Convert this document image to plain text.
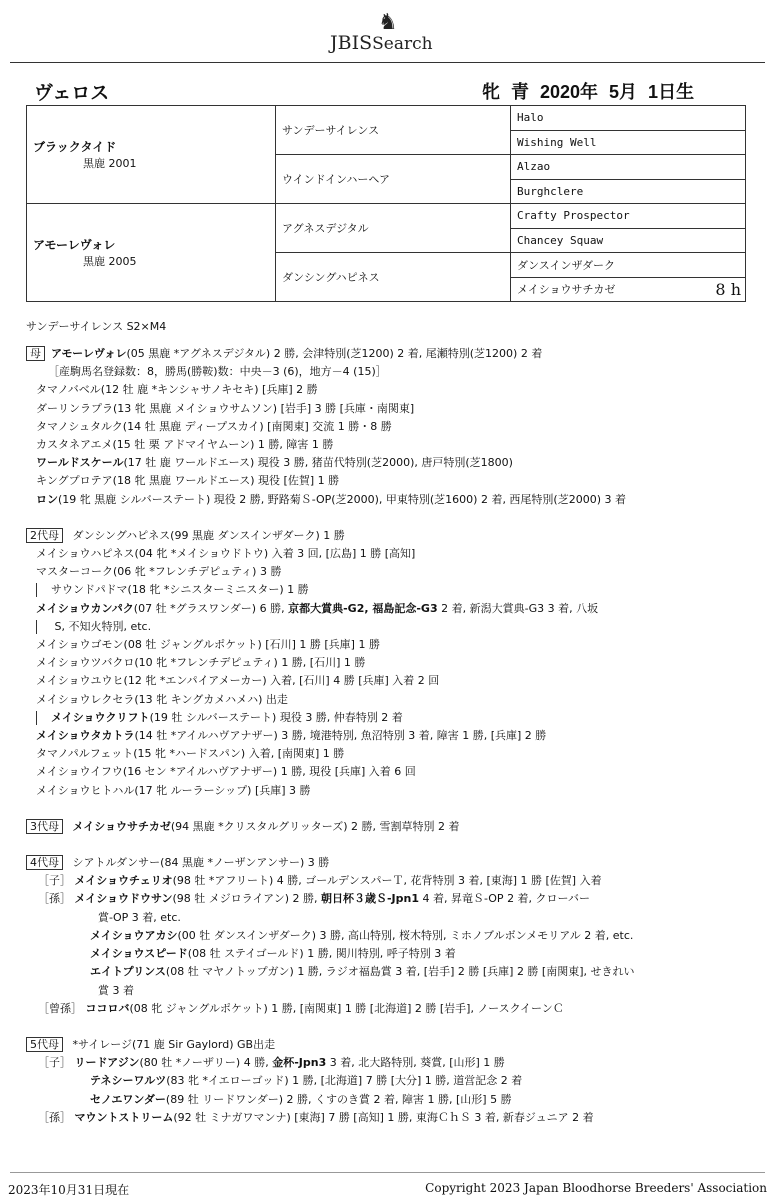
♞
JBISSearch
ヴェロス	牝 青 2020年 5月 1日生
ブラックタイド
黒鹿 2001	サンデーサイレンス	Halo
		Wishing Well
	ウインドインハーヘア	Alzao
		Burghclere

アモーレヴォレ
黒鹿 2005	アグネスデジタル	Crafty Prospector
		Chancey Squaw
	ダンシングハピネス	ダンスインザダーク
		メイショウサチカゼ 8 h
サンデーサイレンス S2×M4
母 アモーレヴォレ(05 黒鹿 *アグネスデジタル) 2 勝, 会津特別(芝1200) 2 着, 尾瀬特別(芝1200) 2 着
［産駒馬名登録数：8，勝馬(勝鞍)数：中央－3 (6)，地方－4 (15)］
タマノバベル(12 牡 鹿 *キンシャサノキセキ) [兵庫] 2 勝
ダーリンラプラ(13 牝 黒鹿 メイショウサムソン) [岩手] 3 勝 [兵庫・南関東]
タマノシュタルク(14 牡 黒鹿 ディープスカイ) [南関東] 交流 1 勝・8 勝
カスタネアエメ(15 牡 栗 アドマイヤムーン) 1 勝, 障害 1 勝
ワールドスケール(17 牡 鹿 ワールドエース) 現役 3 勝, 猪苗代特別(芝2000), 唐戸特別(芝1800)
キングプロテア(18 牝 黒鹿 ワールドエース) 現役 [佐賀] 1 勝
ロン(19 牝 黒鹿 シルバーステート) 現役 2 勝, 野路菊Ｓ-OP(芝2000), 甲東特別(芝1600) 2 着, 西尾特別(芝2000) 3 着
2代母 ダンシングハピネス(99 黒鹿 ダンスインザダーク) 1 勝
メイショウハピネス(04 牝 *メイショウドトウ) 入着 3 回, [広島] 1 勝 [高知]
マスターコーク(06 牝 *フレンチデピュティ) 3 勝
サウンドパドマ(18 牝 *シニスターミニスター) 1 勝
メイショウカンパク(07 牡 *グラスワンダー) 6 勝, 京都大賞典-G2, 福島記念-G3 2 着, 新潟大賞典-G3 3 着, 八坂
S, 不知火特別, etc.
メイショウゴモン(08 牡 ジャングルポケット) [石川] 1 勝 [兵庫] 1 勝
メイショウツバクロ(10 牝 *フレンチデピュティ) 1 勝, [石川] 1 勝
メイショウユウヒ(12 牝 *エンパイアメーカー) 入着, [石川] 4 勝 [兵庫] 入着 2 回
メイショウレクセラ(13 牝 キングカメハメハ) 出走
メイショウクリフト(19 牡 シルバーステート) 現役 3 勝, 仲春特別 2 着
メイショウタカトラ(14 牡 *アイルハヴアナザー) 3 勝, 境港特別, 魚沼特別 3 着, 障害 1 勝, [兵庫] 2 勝
タマノパルフェット(15 牝 *ハードスパン) 入着, [南関東] 1 勝
メイショウイフウ(16 セン *アイルハヴアナザー) 1 勝, 現役 [兵庫] 入着 6 回
メイショウヒトハル(17 牝 ルーラーシップ) [兵庫] 3 勝
3代母 メイショウサチカゼ(94 黒鹿 *クリスタルグリッターズ) 2 勝, 雪割草特別 2 着
4代母 シアトルダンサー(84 黒鹿 *ノーザンアンサー) 3 勝
［子］ メイショウチェリオ(98 牡 *アフリート) 4 勝, ゴールデンスパーＴ, 花背特別 3 着, [東海] 1 勝 [佐賀] 入着
［孫］ メイショウドウサン(98 牡 メジロライアン) 2 勝, 朝日杯３歳Ｓ-Jpn1 4 着, 昇竜Ｓ-OP 2 着, クローバー
賞-OP 3 着, etc.
メイショウアカシ(00 牡 ダンスインザダーク) 3 勝, 高山特別, 桜木特別, ミホノブルボンメモリアル 2 着, etc.
メイショウスピード(08 牡 ステイゴールド) 1 勝, 関川特別, 呼子特別 3 着
エイトプリンス(08 牡 マヤノトップガン) 1 勝, ラジオ福島賞 3 着, [岩手] 2 勝 [兵庫] 2 勝 [南関東], せきれい
賞 3 着
［曾孫］ ココロバ(08 牝 ジャングルポケット) 1 勝, [南関東] 1 勝 [北海道] 2 勝 [岩手], ノースクイーンＣ
5代母 *サイレージ(71 鹿 Sir Gaylord) GB出走
［子］ リードアジン(80 牡 *ノーザリー) 4 勝, 金杯-Jpn3 3 着, 北大路特別, 葵賞, [山形] 1 勝
テネシーワルツ(83 牝 *イエローゴッド) 1 勝, [北海道] 7 勝 [大分] 1 勝, 道営記念 2 着
セノエワンダー(89 牡 リードワンダー) 2 勝, くすのき賞 2 着, 障害 1 勝, [山形] 5 勝
［孫］ マウントストリーム(92 牡 ミナガワマンナ) [東海] 7 勝 [高知] 1 勝, 東海ＣｈＳ 3 着, 新春ジュニア 2 着
2023年10月31日現在	Copyright 2023 Japan Bloodhorse Breeders' Association
